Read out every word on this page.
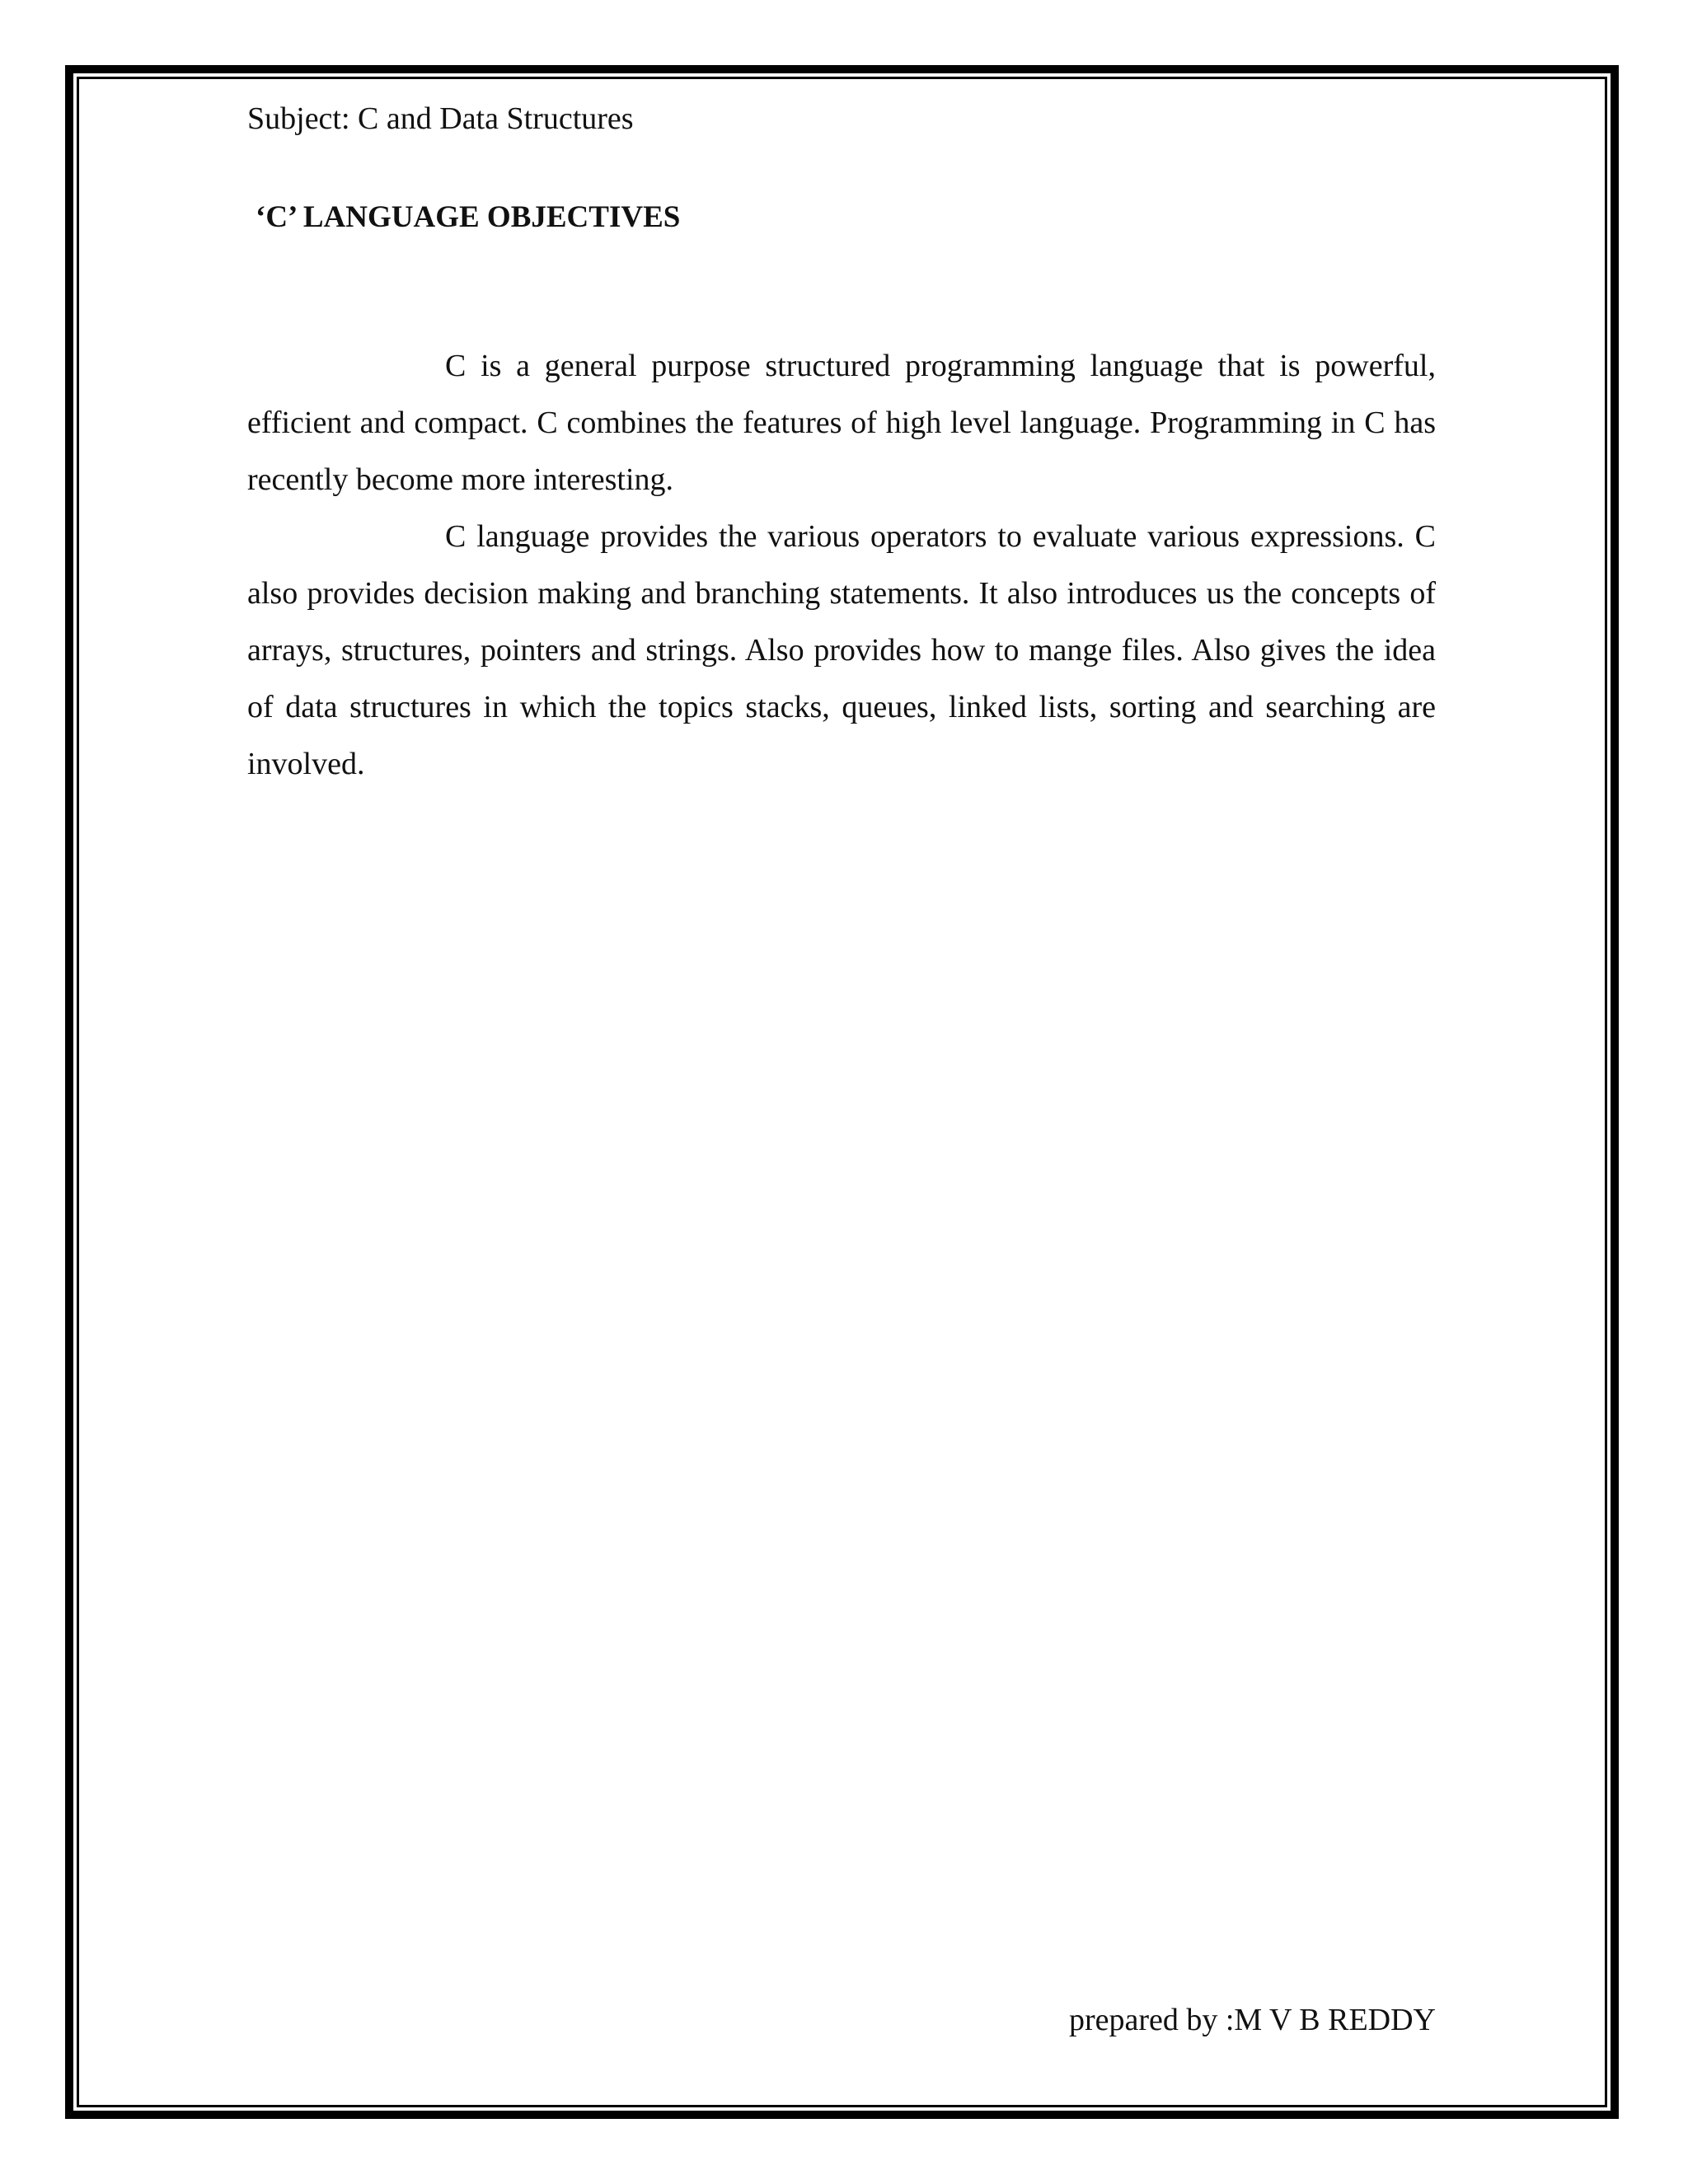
Subject: C and Data Structures
‘C’ LANGUAGE OBJECTIVES

C is a general purpose structured programming language that is powerful, efficient and compact. C combines the features of high level language. Programming in C has recently become more interesting.

C language provides the various operators to evaluate various expressions. C also provides decision making and branching statements. It also introduces us the concepts of arrays, structures, pointers and strings. Also provides how to mange files. Also gives the idea of data structures in which the topics stacks, queues, linked lists, sorting and searching are involved.

prepared by :M V B REDDY
